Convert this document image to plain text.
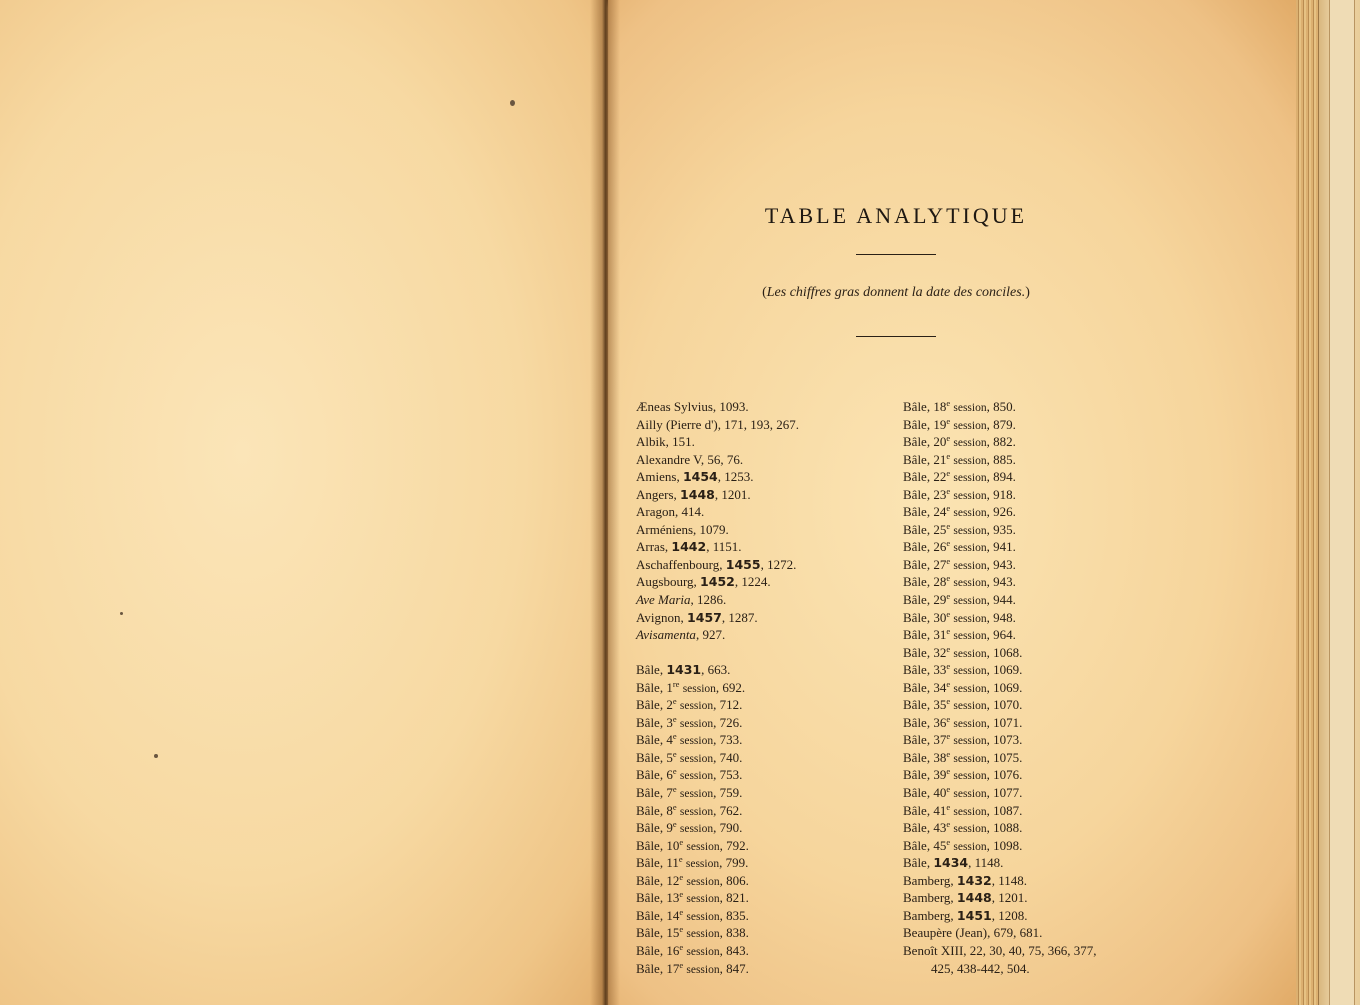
TABLE ANALYTIQUE
(Les chiffres gras donnent la date des conciles.)
Æneas Sylvius, 1093.
Ailly (Pierre d'), 171, 193, 267.
Albik, 151.
Alexandre V, 56, 76.
Amiens, 1454, 1253.
Angers, 1448, 1201.
Aragon, 414.
Arméniens, 1079.
Arras, 1442, 1151.
Aschaffenbourg, 1455, 1272.
Augsbourg, 1452, 1224.
Ave Maria, 1286.
Avignon, 1457, 1287.
Avisamenta, 927.
Bâle, 1431, 663.
Bâle, 1re session, 692.
Bâle, 2e session, 712.
Bâle, 3e session, 726.
Bâle, 4e session, 733.
Bâle, 5e session, 740.
Bâle, 6e session, 753.
Bâle, 7e session, 759.
Bâle, 8e session, 762.
Bâle, 9e session, 790.
Bâle, 10e session, 792.
Bâle, 11e session, 799.
Bâle, 12e session, 806.
Bâle, 13e session, 821.
Bâle, 14e session, 835.
Bâle, 15e session, 838.
Bâle, 16e session, 843.
Bâle, 17e session, 847.
Bâle, 18e session, 850.
Bâle, 19e session, 879.
Bâle, 20e session, 882.
Bâle, 21e session, 885.
Bâle, 22e session, 894.
Bâle, 23e session, 918.
Bâle, 24e session, 926.
Bâle, 25e session, 935.
Bâle, 26e session, 941.
Bâle, 27e session, 943.
Bâle, 28e session, 943.
Bâle, 29e session, 944.
Bâle, 30e session, 948.
Bâle, 31e session, 964.
Bâle, 32e session, 1068.
Bâle, 33e session, 1069.
Bâle, 34e session, 1069.
Bâle, 35e session, 1070.
Bâle, 36e session, 1071.
Bâle, 37e session, 1073.
Bâle, 38e session, 1075.
Bâle, 39e session, 1076.
Bâle, 40e session, 1077.
Bâle, 41e session, 1087.
Bâle, 43e session, 1088.
Bâle, 45e session, 1098.
Bâle, 1434, 1148.
Bamberg, 1432, 1148.
Bamberg, 1448, 1201.
Bamberg, 1451, 1208.
Beaupère (Jean), 679, 681.
Benoît XIII, 22, 30, 40, 75, 366, 377,
425, 438-442, 504.
